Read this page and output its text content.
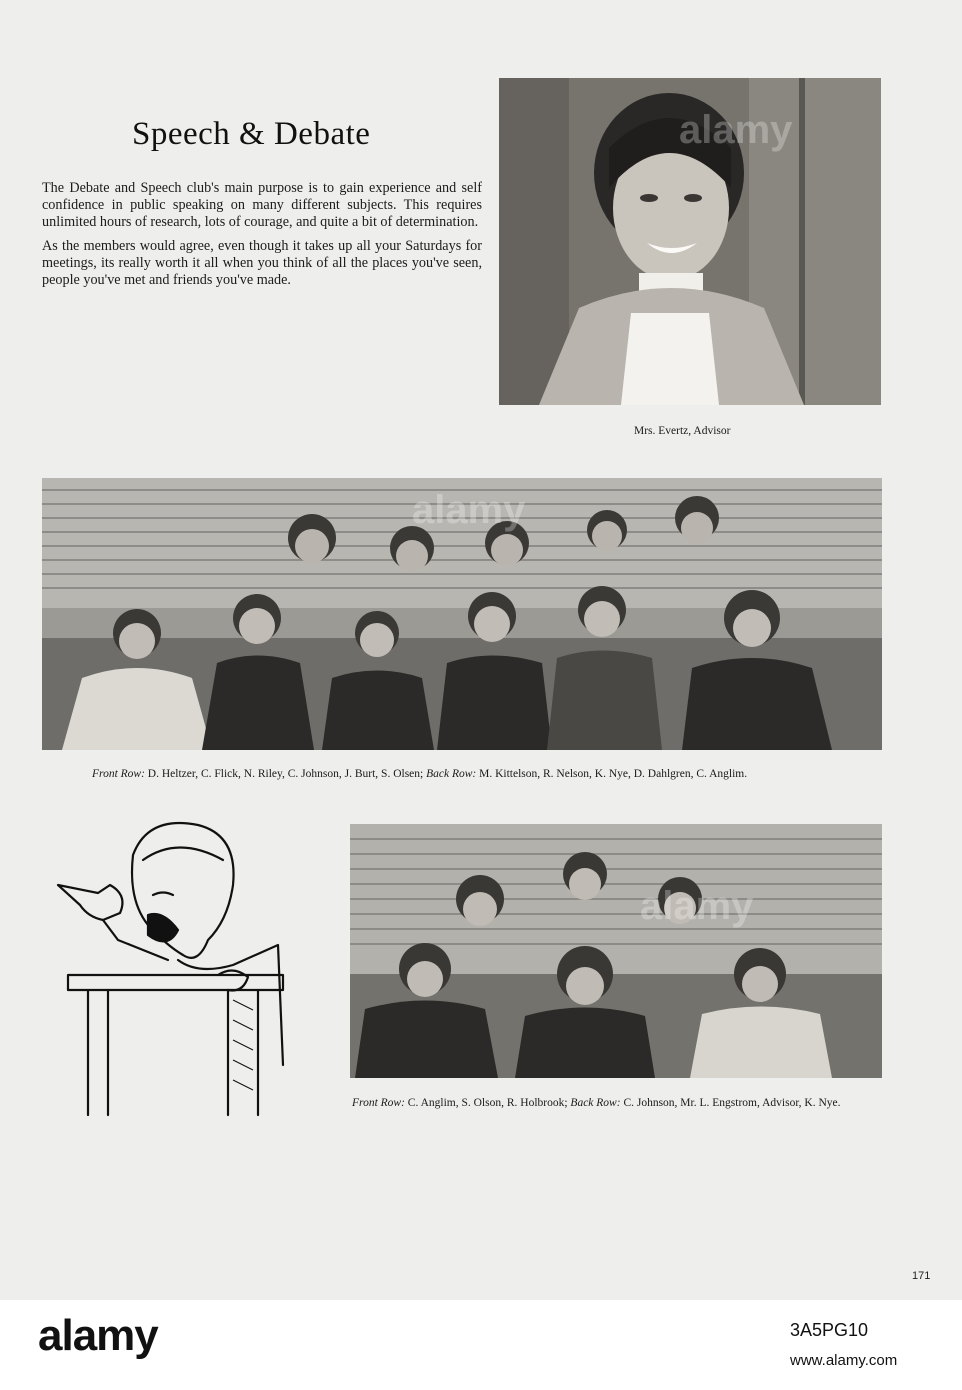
Speech & Debate

The Debate and Speech club's main purpose is to gain experience and self confidence in public speaking on many different subjects. This requires unlimited hours of research, lots of courage, and quite a bit of determination.

As the members would agree, even though it takes up all your Saturdays for meetings, its really worth it all when you think of all the places you've seen, people you've met and friends you've made.

alamy
Mrs. Evertz, Advisor
alamy
Front Row: D. Heltzer, C. Flick, N. Riley, C. Johnson, J. Burt, S. Olsen; Back Row: M. Kittelson, R. Nelson, K. Nye, D. Dahlgren, C. Anglim.
alamy
Front Row: C. Anglim, S. Olson, R. Holbrook; Back Row: C. Johnson, Mr. L. Engstrom, Advisor, K. Nye.
171
alamy	3A5PG10
www.alamy.com
